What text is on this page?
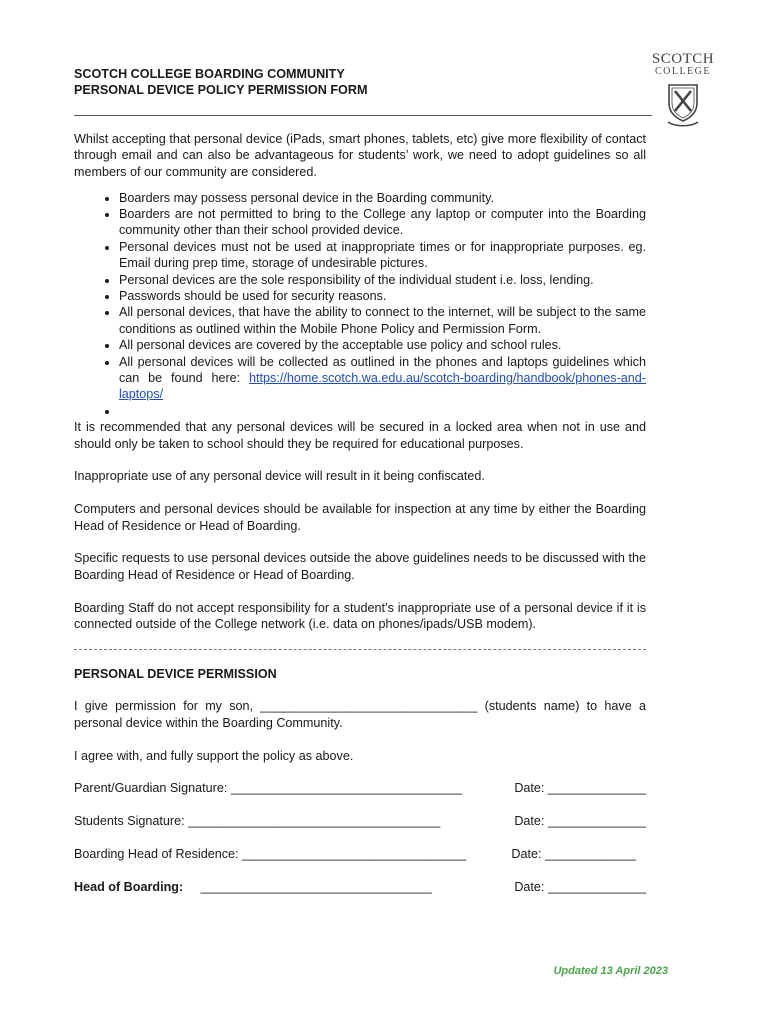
SCOTCH COLLEGE BOARDING COMMUNITY
PERSONAL DEVICE POLICY PERMISSION FORM
SCOTCH
COLLEGE

Whilst accepting that personal device (iPads, smart phones, tablets, etc) give more flexibility of contact through email and can also be advantageous for students’ work, we need to adopt guidelines so all members of our community are considered.

• Boarders may possess personal device in the Boarding community.
• Boarders are not permitted to bring to the College any laptop or computer into the Boarding community other than their school provided device.
• Personal devices must not be used at inappropriate times or for inappropriate purposes. eg. Email during prep time, storage of undesirable pictures.
• Personal devices are the sole responsibility of the individual student i.e. loss, lending.
• Passwords should be used for security reasons.
• All personal devices, that have the ability to connect to the internet, will be subject to the same conditions as outlined within the Mobile Phone Policy and Permission Form.
• All personal devices are covered by the acceptable use policy and school rules.
• All personal devices will be collected as outlined in the phones and laptops guidelines which can be found here: https://home.scotch.wa.edu.au/scotch-boarding/handbook/phones-and-laptops/
•

It is recommended that any personal devices will be secured in a locked area when not in use and should only be taken to school should they be required for educational purposes.

Inappropriate use of any personal device will result in it being confiscated.

Computers and personal devices should be available for inspection at any time by either the Boarding Head of Residence or Head of Boarding.

Specific requests to use personal devices outside the above guidelines needs to be discussed with the Boarding Head of Residence or Head of Boarding.

Boarding Staff do not accept responsibility for a student’s inappropriate use of a personal device if it is connected outside of the College network (i.e. data on phones/ipads/USB modem).

PERSONAL DEVICE PERMISSION

I give permission for my son, _______________________________ (students name) to have a personal device within the Boarding Community.

I agree with, and fully support the policy as above.

Parent/Guardian Signature: _________________________________	Date: ______________
Students Signature: ____________________________________	Date: ______________
Boarding Head of Residence: ________________________________	Date: _____________
Head of Boarding: _________________________________	Date: ______________
Updated 13 April 2023
